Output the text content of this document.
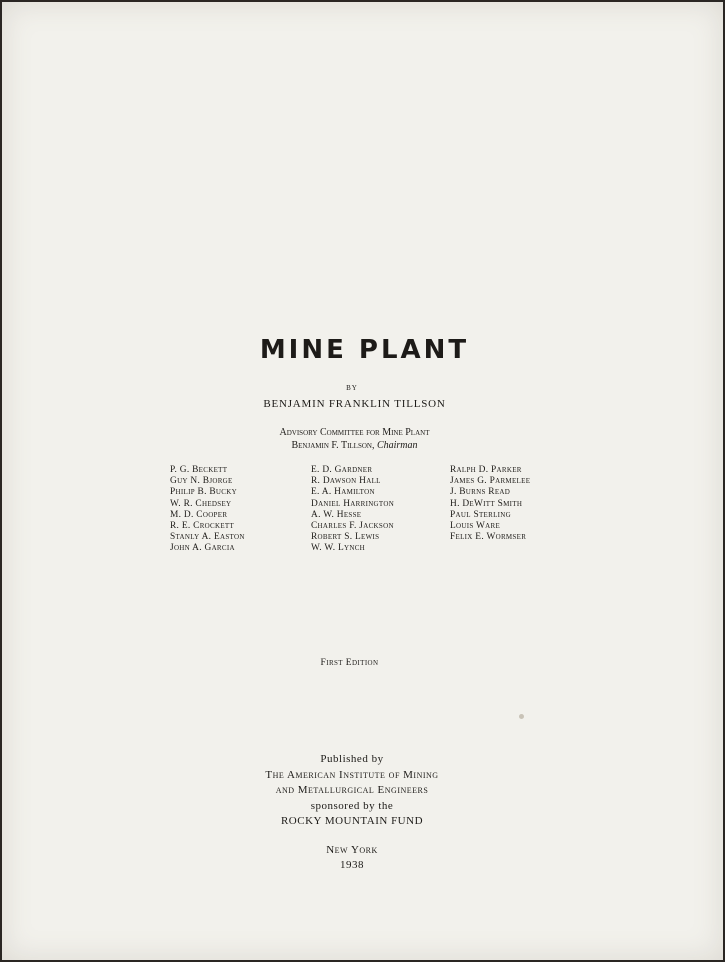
MINE PLANT
BY
BENJAMIN FRANKLIN TILLSON
Advisory Committee for Mine Plant
Benjamin F. Tillson, Chairman
P. G. Beckett
Guy N. Bjorge
Philip B. Bucky
W. R. Chedsey
M. D. Cooper
R. E. Crockett
Stanly A. Easton
John A. Garcia
E. D. Gardner
R. Dawson Hall
E. A. Hamilton
Daniel Harrington
A. W. Hesse
Charles F. Jackson
Robert S. Lewis
W. W. Lynch
Ralph D. Parker
James G. Parmelee
J. Burns Read
H. DeWitt Smith
Paul Sterling
Louis Ware
Felix E. Wormser
First Edition
Published by
The American Institute of Mining
and Metallurgical Engineers
sponsored by the
ROCKY MOUNTAIN FUND
New York
1938
